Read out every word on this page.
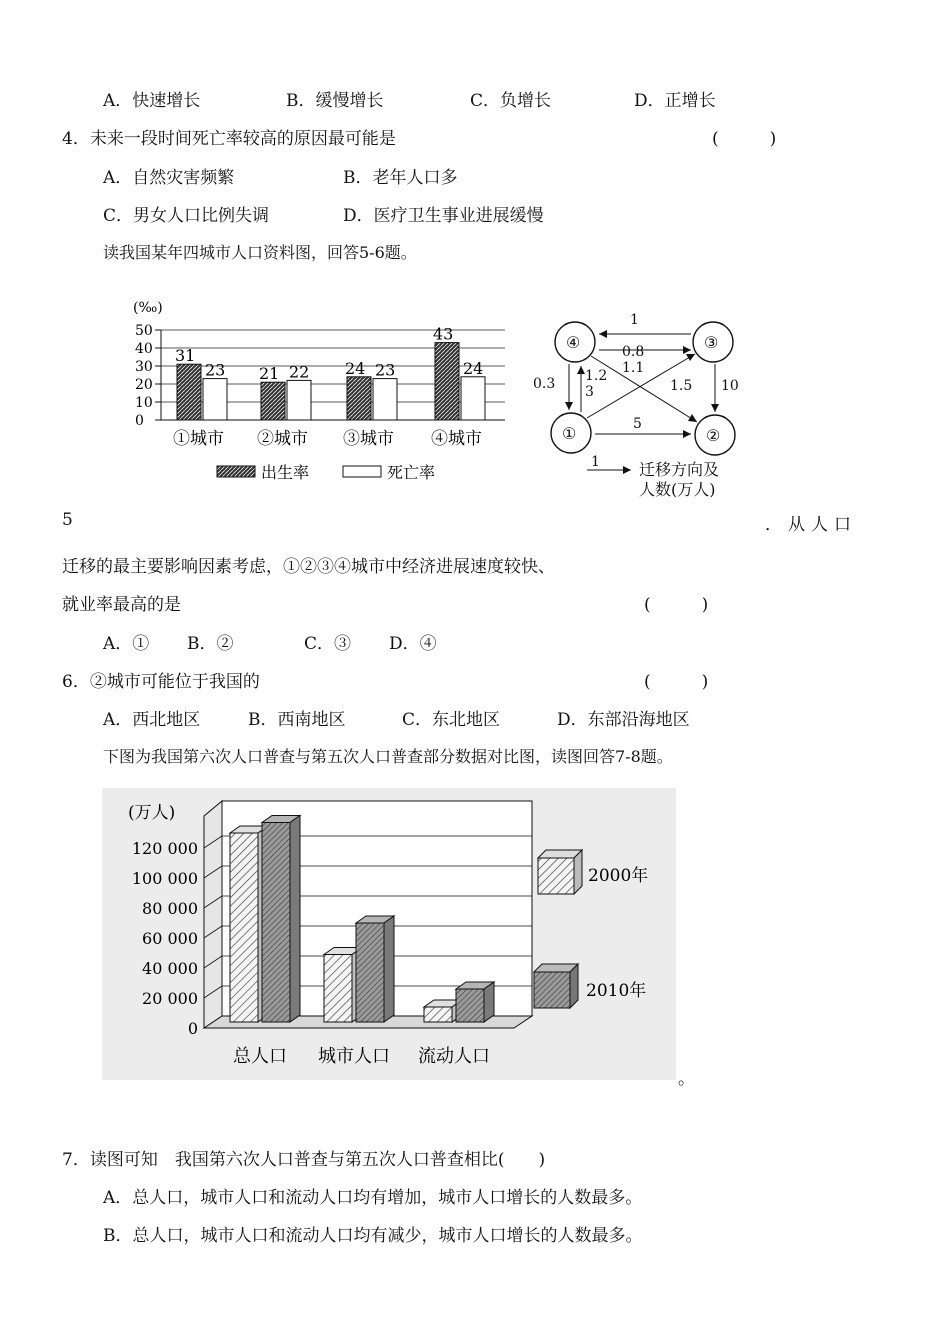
A．快速增长	B．缓慢增长	C．负增长	D．正增长
4．未来一段时间死亡率较高的原因最可能是	(　　　)
A．自然灾害频繁	B．老年人口多
C．男女人口比例失调	D．医疗卫生事业进展缓慢
读我国某年四城市人口资料图，回答5-6题。
(‰)
50
40
30
20
10
0
31
23
①城市
21 22
②城市
24 23
③城市
43
24
④城市
出生率	死亡率
④	③
①	②
1
0.8
1.1
1.2
3
0.3	1.5 10
5
1 迁移方向及
人数(万人)
5	．从人口
迁移的最主要影响因素考虑，①②③④城市中经济进展速度较快、
就业率最高的是	(　　　)
A．① B．②	C．③ D．④
6．②城市可能位于我国的	(　　　)
A．西北地区	B．西南地区	C．东北地区	D．东部沿海地区
下图为我国第六次人口普查与第五次人口普查部分数据对比图，读图回答7-8题。
(万人)
120 000
100 000
80 000
60 000
40 000
20 000
0
总人口 城市人口 流动人口
2000年
2010年
。
7．读图可知　我国第六次人口普查与第五次人口普查相比(　　)
A．总人口，城市人口和流动人口均有增加，城市人口增长的人数最多。
B．总人口，城市人口和流动人口均有减少，城市人口增长的人数最多。
